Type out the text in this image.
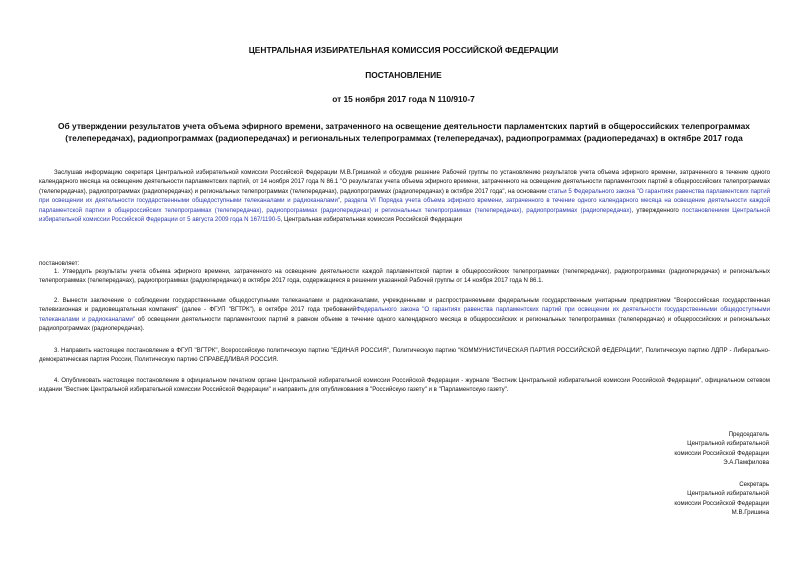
ЦЕНТРАЛЬНАЯ ИЗБИРАТЕЛЬНАЯ КОМИССИЯ РОССИЙСКОЙ ФЕДЕРАЦИИ
ПОСТАНОВЛЕНИЕ
от 15 ноября 2017 года N 110/910-7
Об утверждении результатов учета объема эфирного времени, затраченного на освещение деятельности парламентских партий в общероссийских телепрограммах (телепередачах), радиопрограммах (радиопередачах) и региональных телепрограммах (телепередачах), радиопрограммах (радиопередачах) в октябре 2017 года
Заслушав информацию секретаря Центральной избирательной комиссии Российской Федерации М.В.Гришиной и обсудив решение Рабочей группы по установлению результатов учета объема эфирного времени, затраченного в течение одного календарного месяца на освещение деятельности парламентских партий, от 14 ноября 2017 года N 86.1 "О результатах учета объема эфирного времени, затраченного на освещение деятельности парламентских партий в общероссийских телепрограммах (телепередачах), радиопрограммах (радиопередачах) и региональных телепрограммах (телепередачах), радиопрограммах (радиопередачах) в октябре 2017 года", на основании статьи 5 Федерального закона "О гарантиях равенства парламентских партий при освещении их деятельности государственными общедоступными телеканалами и радиоканалами", раздела VI Порядка учета объема эфирного времени, затраченного в течение одного календарного месяца на освещение деятельности каждой парламентской партии в общероссийских телепрограммах (телепередачах), радиопрограммах (радиопередачах) и региональных телепрограммах (телепередачах), радиопрограммах (радиопередачах), утвержденного постановлением Центральной избирательной комиссии Российской Федерации от 5 августа 2009 года N 167/1190-5, Центральная избирательная комиссия Российской Федерации
постановляет:
1. Утвердить результаты учета объема эфирного времени, затраченного на освещение деятельности каждой парламентской партии в общероссийских телепрограммах (телепередачах), радиопрограммах (радиопередачах) и региональных телепрограммах (телепередачах), радиопрограммах (радиопередачах) в октябре 2017 года, содержащиеся в решении указанной Рабочей группы от 14 ноября 2017 года N 86.1.
2. Вынести заключение о соблюдении государственными общедоступными телеканалами и радиоканалами, учрежденными и распространяемыми федеральным государственным унитарным предприятием "Всероссийская государственная телевизионная и радиовещательная компания" (далее - ФГУП "ВГТРК"), в октябре 2017 года требованийФедерального закона "О гарантиях равенства парламентских партий при освещении их деятельности государственными общедоступными телеканалами и радиоканалами" об освещении деятельности парламентских партий в равном объеме в течение одного календарного месяца в общероссийских и региональных телепрограммах (телепередачах) и общероссийских и региональных радиопрограммах (радиопередачах).
3. Направить настоящее постановление в ФГУП "ВГТРК", Всероссийскую политическую партию "ЕДИНАЯ РОССИЯ", Политическую партию "КОММУНИСТИЧЕСКАЯ ПАРТИЯ РОССИЙСКОЙ ФЕДЕРАЦИИ", Политическую партию ЛДПР - Либерально-демократическая партия России, Политическую партию СПРАВЕДЛИВАЯ РОССИЯ.
4. Опубликовать настоящее постановление в официальном печатном органе Центральной избирательной комиссии Российской Федерации - журнале "Вестник Центральной избирательной комиссии Российской Федерации", официальном сетевом издании "Вестник Центральной избирательной комиссии Российской Федерации" и направить для опубликования в "Российскую газету" и в "Парламентскую газету".
Председатель
Центральной избирательной
комиссии Российской Федерации
Э.А.Памфилова
Секретарь
Центральной избирательной
комиссии Российской Федерации
М.В.Гришина
